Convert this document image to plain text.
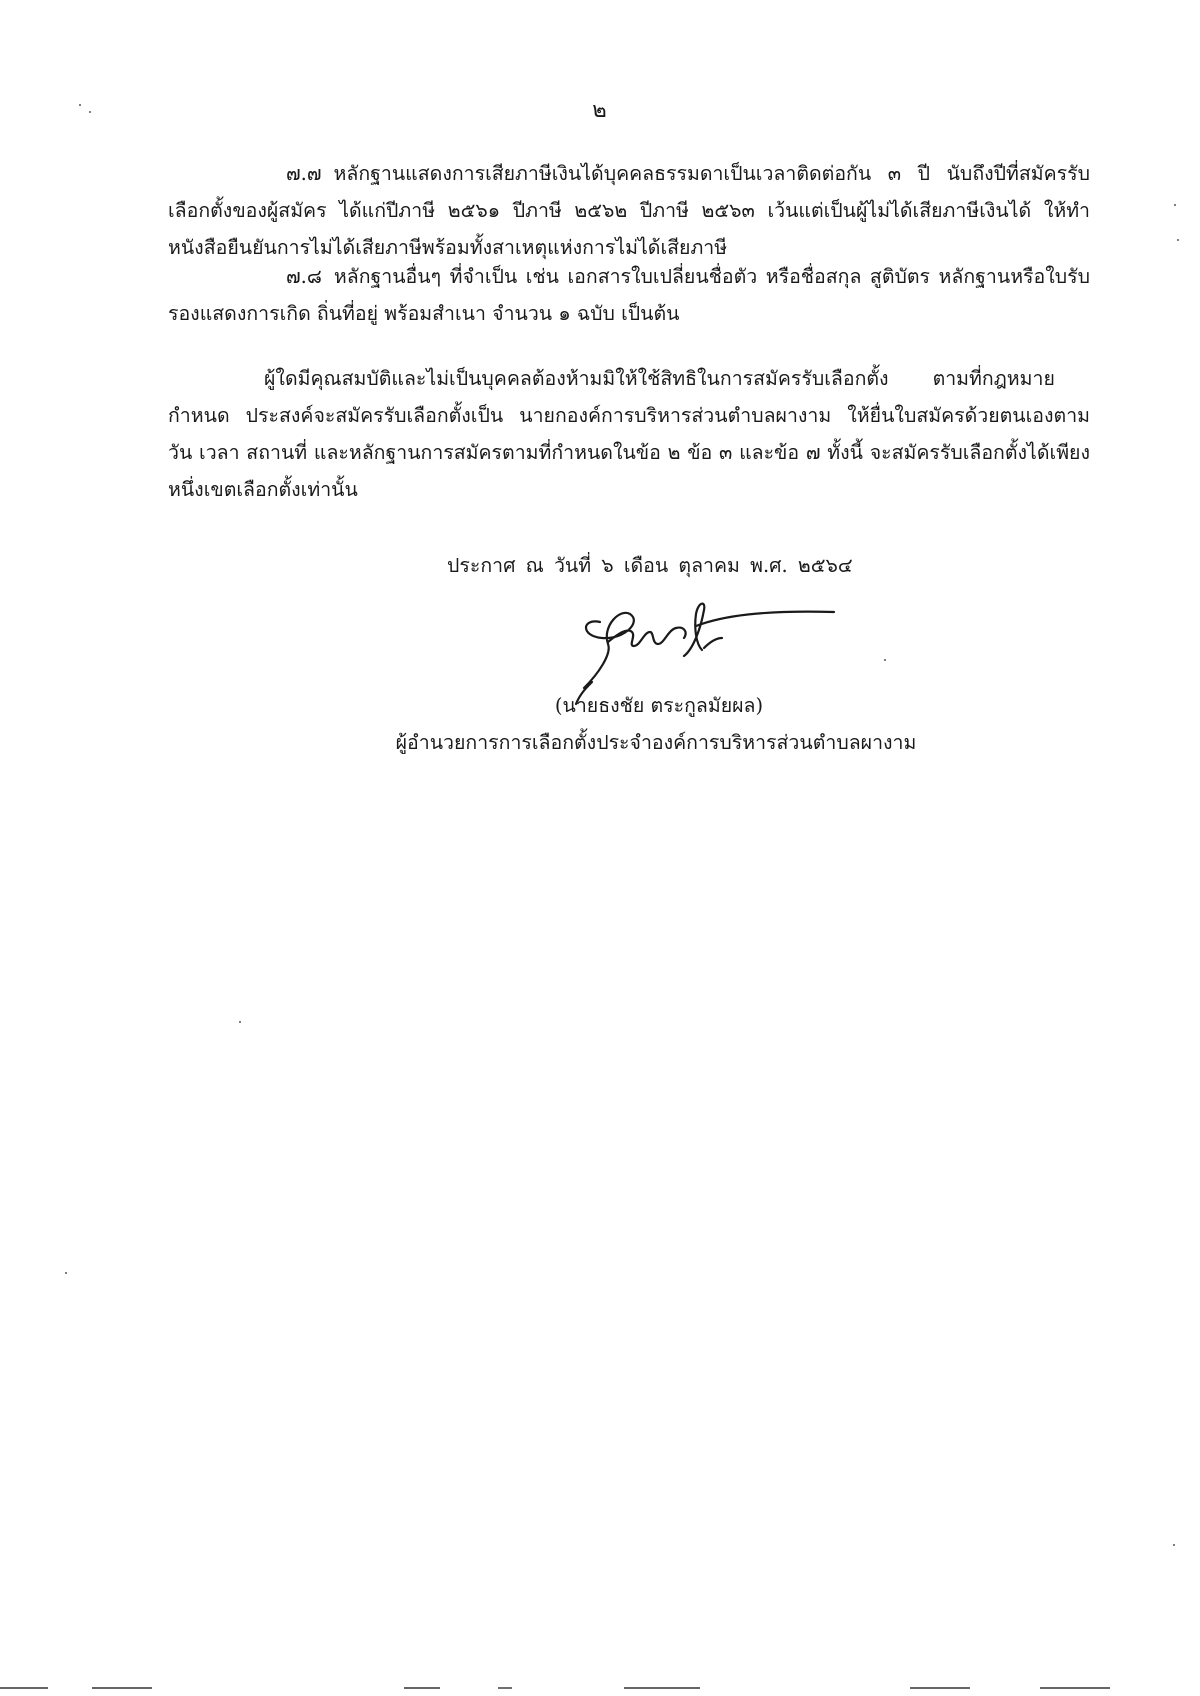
๒

๗.๗ หลักฐานแสดงการเสียภาษีเงินได้บุคคลธรรมดาเป็นเวลาติดต่อกัน ๓ ปี นับถึงปีที่สมัครรับเลือกตั้งของผู้สมัคร ได้แก่ปีภาษี ๒๕๖๑ ปีภาษี ๒๕๖๒ ปีภาษี ๒๕๖๓ เว้นแต่เป็นผู้ไม่ได้เสียภาษีเงินได้ ให้ทำหนังสือยืนยันการไม่ได้เสียภาษีพร้อมทั้งสาเหตุแห่งการไม่ได้เสียภาษี

๗.๘ หลักฐานอื่นๆ ที่จำเป็น เช่น เอกสารใบเปลี่ยนชื่อตัว หรือชื่อสกุล สูติบัตร หลักฐานหรือใบรับรองแสดงการเกิด ถิ่นที่อยู่ พร้อมสำเนา จำนวน ๑ ฉบับ เป็นต้น

ผู้ใดมีคุณสมบัติและไม่เป็นบุคคลต้องห้ามมิให้ใช้สิทธิในการสมัครรับเลือกตั้ง ตามที่กฎหมายกำหนด ประสงค์จะสมัครรับเลือกตั้งเป็น นายกองค์การบริหารส่วนตำบลผางาม ให้ยื่นใบสมัครด้วยตนเองตาม วัน เวลา สถานที่ และหลักฐานการสมัครตามที่กำหนดในข้อ ๒ ข้อ ๓ และข้อ ๗ ทั้งนี้ จะสมัครรับเลือกตั้งได้เพียงหนึ่งเขตเลือกตั้งเท่านั้น

ประกาศ ณ วันที่ ๖ เดือน ตุลาคม พ.ศ. ๒๕๖๔
(นายธงชัย ตระกูลมัยผล)
ผู้อำนวยการการเลือกตั้งประจำองค์การบริหารส่วนตำบลผางาม
